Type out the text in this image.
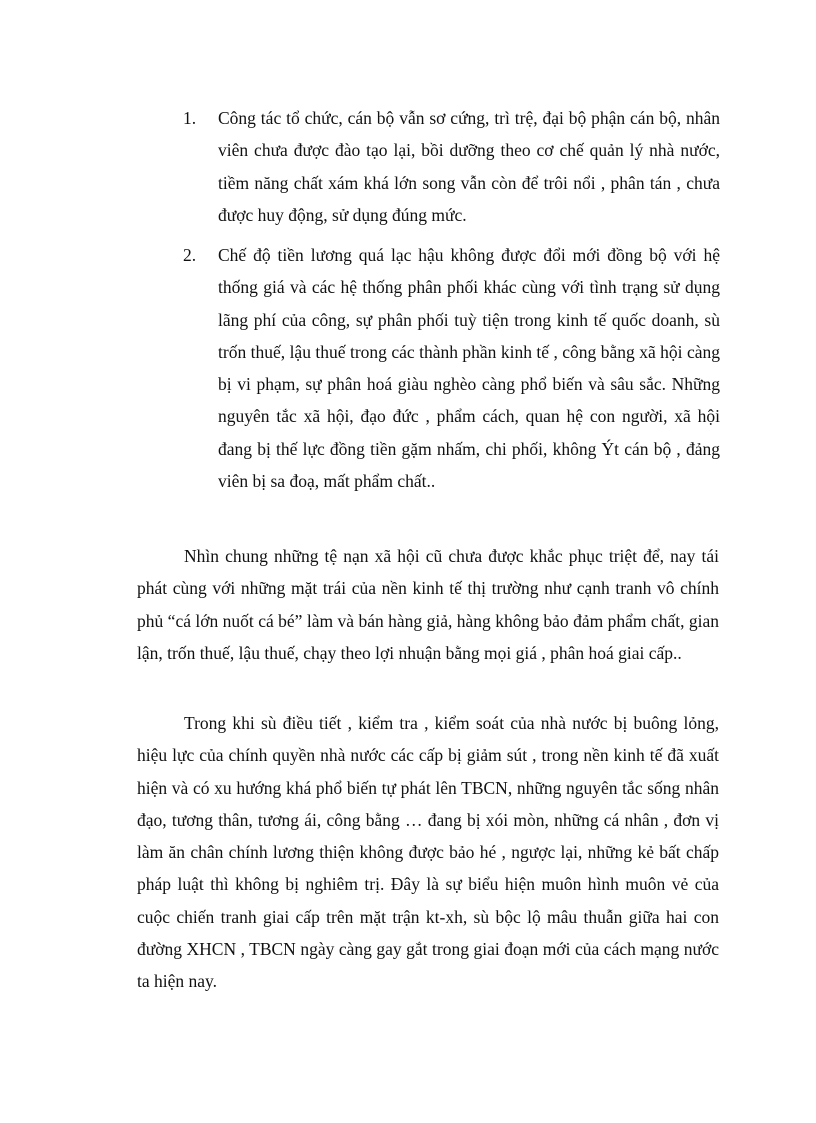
1. Công tác tổ chức, cán bộ vẫn sơ cứng, trì trệ, đại bộ phận cán bộ, nhân viên chưa được đào tạo lại, bồi dưỡng theo cơ chế quản lý nhà nước, tiềm năng chất xám khá lớn song vẫn còn để trôi nổi , phân tán , chưa được huy động, sử dụng đúng mức.
2. Chế độ tiền lương quá lạc hậu không được đổi mới đồng bộ với hệ thống giá và các hệ thống phân phối khác cùng với tình trạng sử dụng lãng phí của công, sự phân phối tuỳ tiện trong kinh tế quốc doanh, sù trốn thuế, lậu thuế trong các thành phần kinh tế , công bằng xã hội càng bị vi phạm, sự phân hoá giàu nghèo càng phổ biến và sâu sắc. Những nguyên tắc xã hội, đạo đức , phẩm cách, quan hệ con người, xã hội đang bị thế lực đồng tiền gặm nhấm, chi phối, không Ýt cán bộ , đảng viên bị sa đoạ, mất phẩm chất..

Nhìn chung những tệ nạn xã hội cũ chưa được khắc phục triệt để, nay tái phát cùng với những mặt trái của nền kinh tế thị trường như cạnh tranh vô chính phủ “cá lớn nuốt cá bé” làm và bán hàng giả, hàng không bảo đảm phẩm chất, gian lận, trốn thuế, lậu thuế, chạy theo lợi nhuận bằng mọi giá , phân hoá giai cấp..

Trong khi sù điều tiết , kiểm tra , kiểm soát của nhà nước bị buông lỏng, hiệu lực của chính quyền nhà nước các cấp bị giảm sút , trong nền kinh tế đã xuất hiện và có xu hướng khá phổ biến tự phát lên TBCN, những nguyên tắc sống nhân đạo, tương thân, tương ái, công bằng … đang bị xói mòn, những cá nhân , đơn vị làm ăn chân chính lương thiện không được bảo hé , ngược lại, những kẻ bất chấp pháp luật thì không bị nghiêm trị. Đây là sự biểu hiện muôn hình muôn vẻ của cuộc chiến tranh giai cấp trên mặt trận kt-xh, sù bộc lộ mâu thuẫn giữa hai con đường XHCN , TBCN ngày càng gay gắt trong giai đoạn mới của cách mạng nước ta hiện nay.
